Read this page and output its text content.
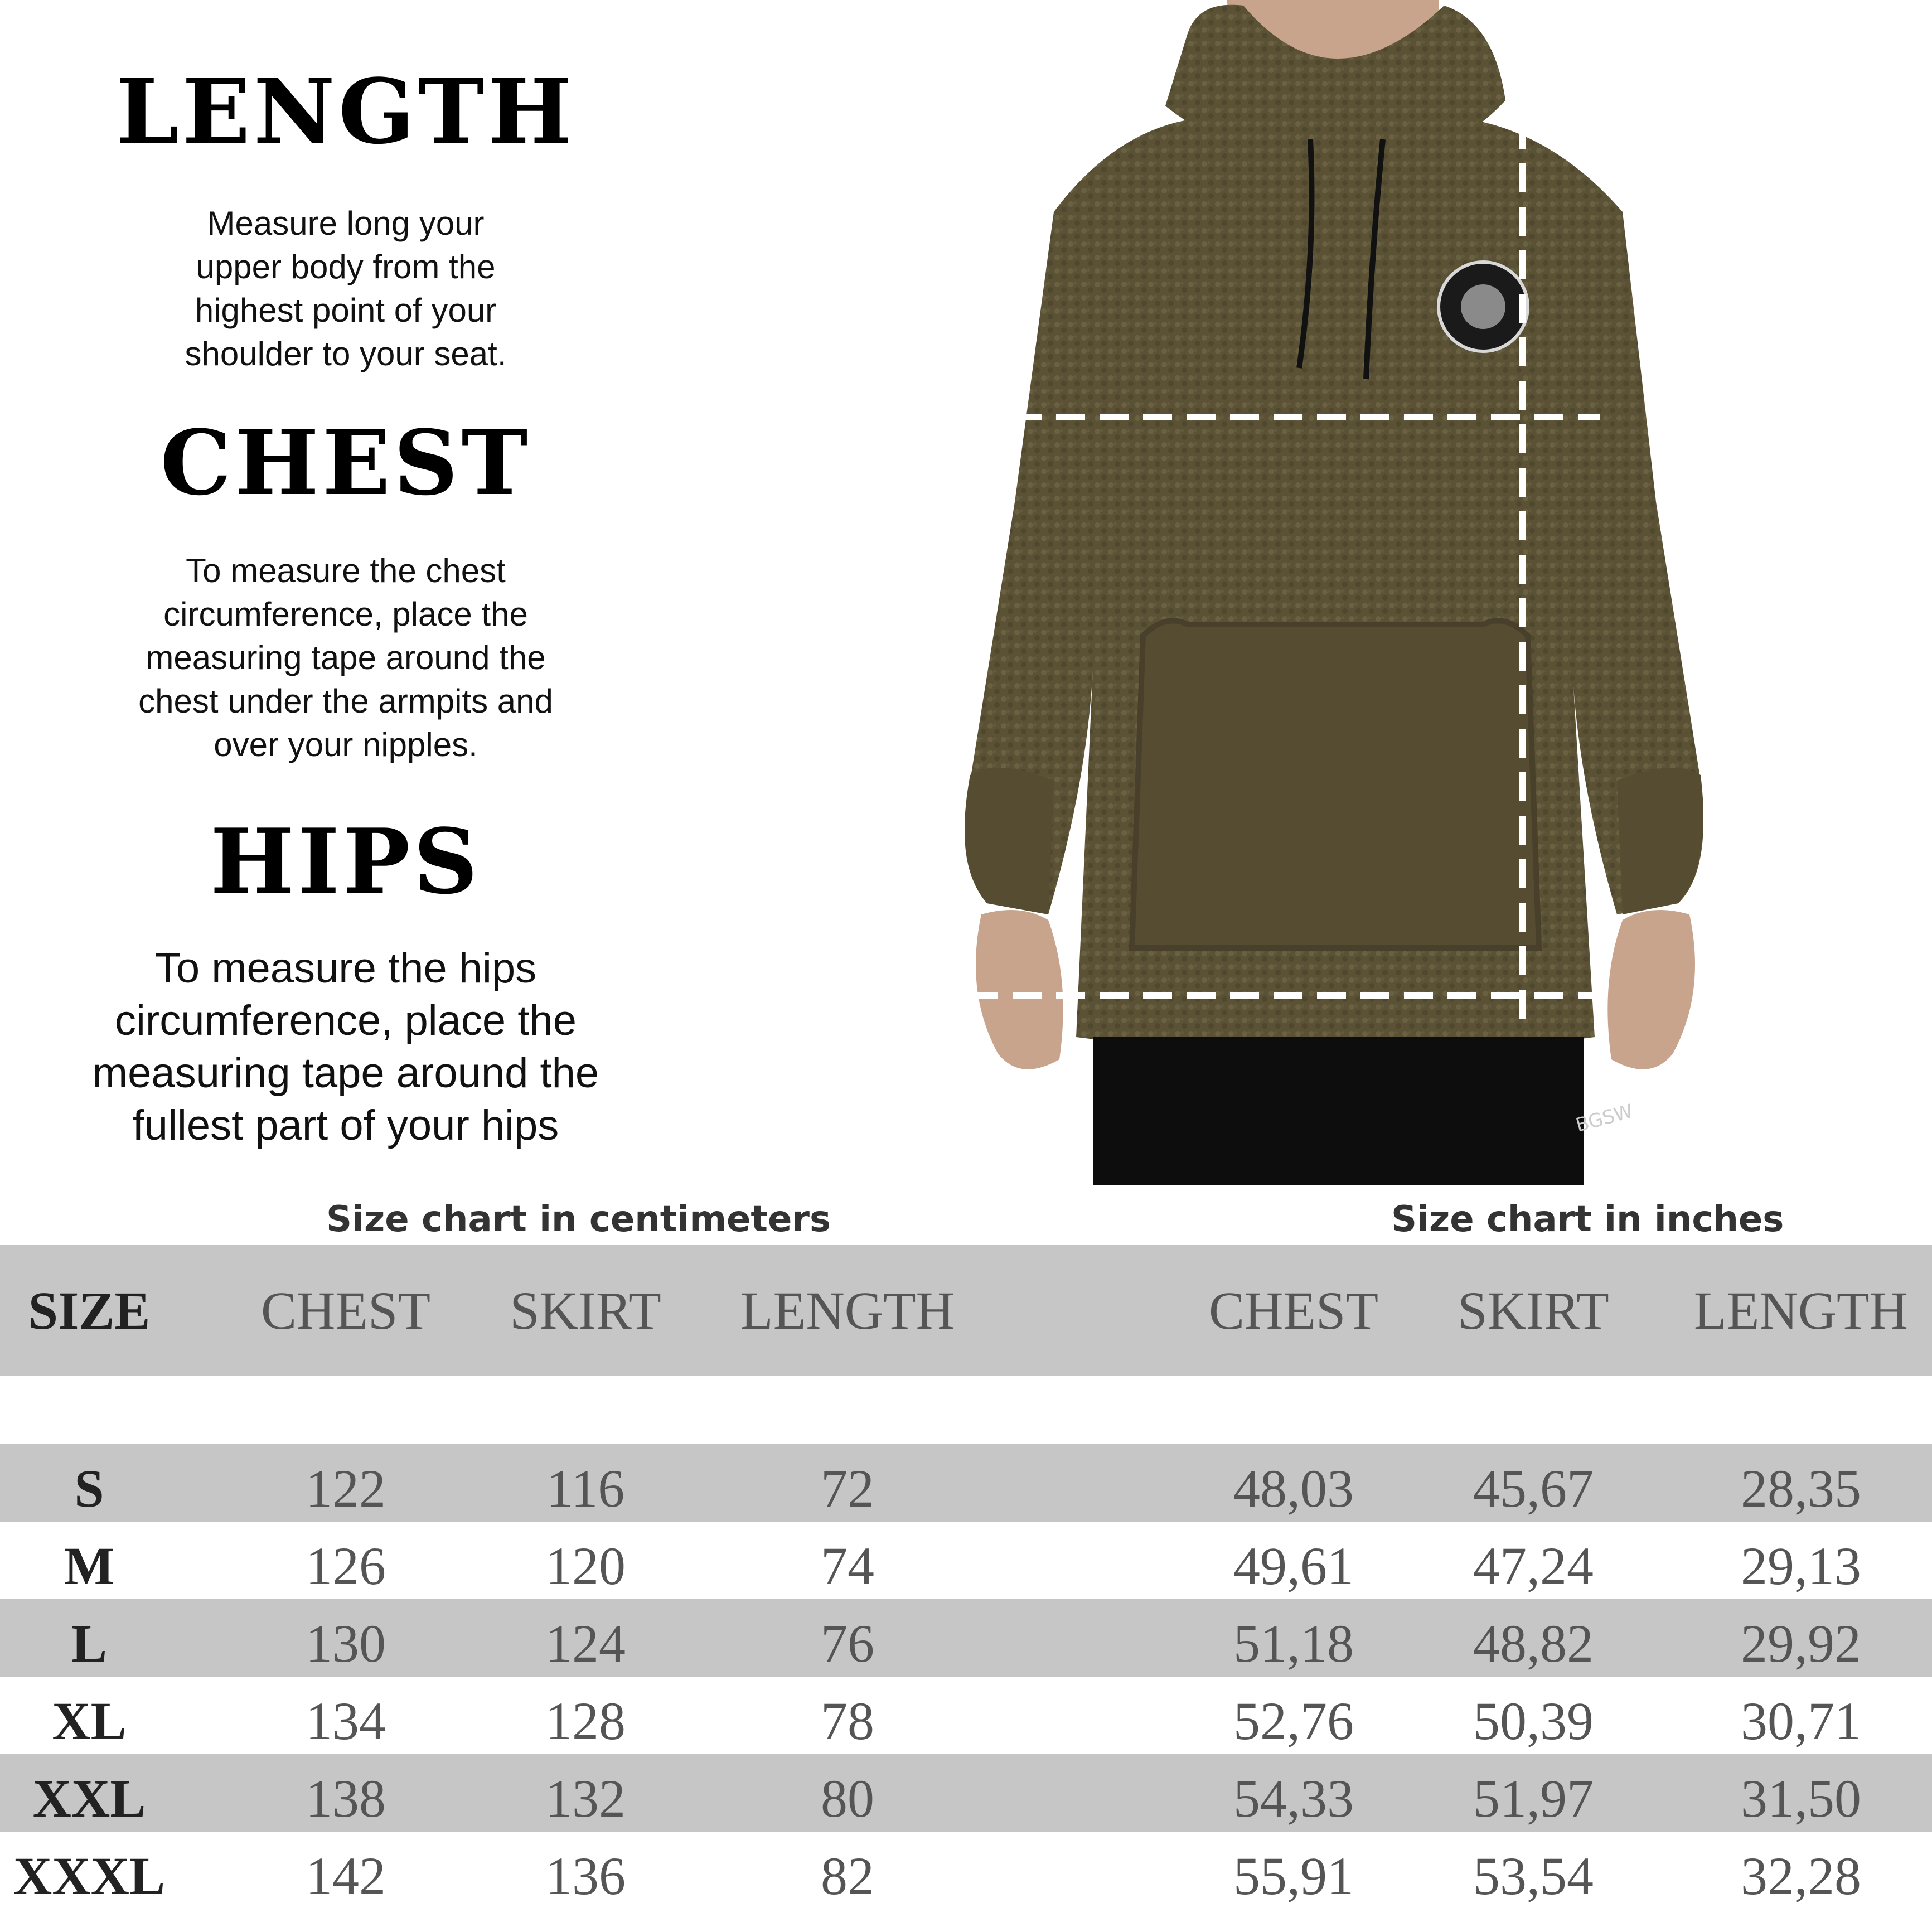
LENGTH
Measure long your
upper body from the
highest point of your
shoulder to your seat.
CHEST
To measure the chest
circumference, place the
measuring tape around the
chest under the armpits and
over your nipples.
HIPS
To measure the hips
circumference, place the
measuring tape around the
fullest part of your hips	BGSW
Size chart in centimeters	Size chart in inches
SIZE	CHEST	SKIRT	LENGTH	CHEST	SKIRT	LENGTH
S	122	116	72	48,03	45,67	28,35
M	126	120	74	49,61	47,24	29,13
L	130	124	76	51,18	48,82	29,92
XL	134	128	78	52,76	50,39	30,71
XXL	138	132	80	54,33	51,97	31,50
XXXL	142	136	82	55,91	53,54	32,28
